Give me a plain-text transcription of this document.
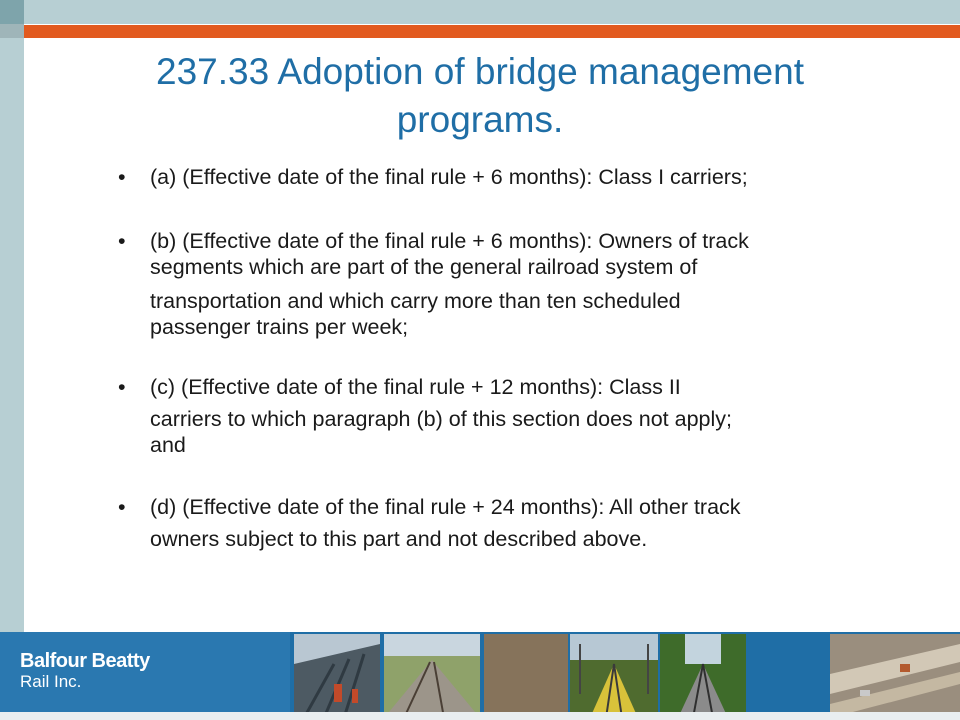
237.33 Adoption of bridge management
programs.
•	(a) (Effective date of the final rule + 6 months): Class I carriers;
•	(b) (Effective date of the final rule + 6 months): Owners of track
segments which are part of the general railroad system of
transportation and which carry more than ten scheduled
passenger trains per week;
•	(c) (Effective date of the final rule + 12 months): Class II
carriers to which paragraph (b) of this section does not apply;
and
•	(d) (Effective date of the final rule + 24 months): All other track
owners subject to this part and not described above.
Balfour Beatty
Rail Inc.
